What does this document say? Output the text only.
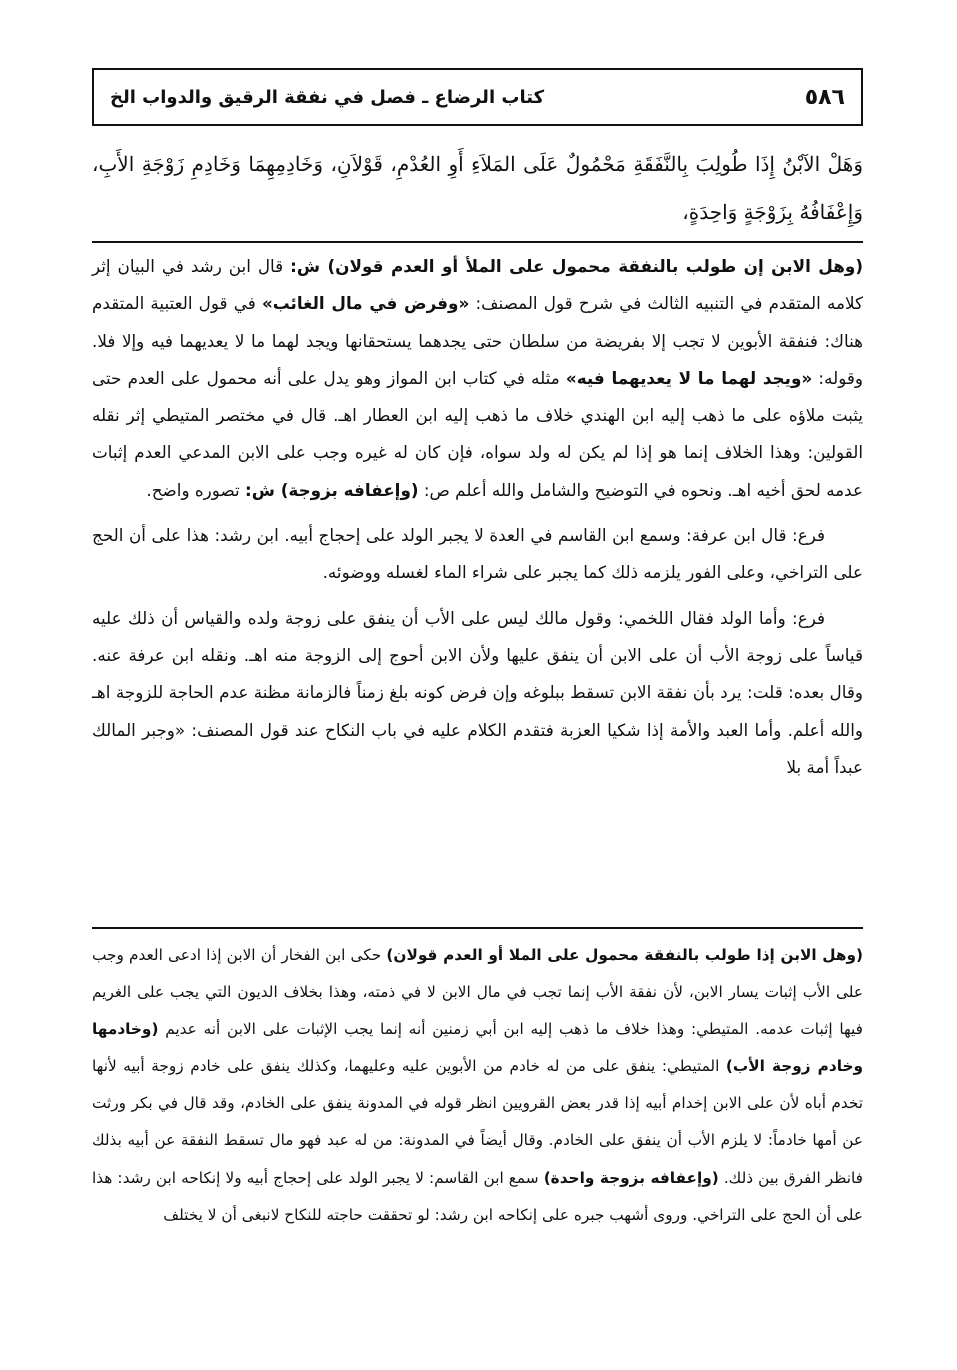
٥٨٦
كتاب الرضاع ـ فصل في نفقة الرقيق والدواب الخ
وَهَلْ الآبْنُ إِذَا طُولِبَ بِالنَّفَقَةِ مَحْمُولٌ عَلَى المَلاَءِ أَوِ العُدْمِ، قَوْلاَنِ، وَخَادِمِهِمَا وَخَادِمِ زَوْجَةِ الأَبِ، وَإِعْفَافُهُ بِزَوْجَةٍ وَاحِدَةٍ،

(وهل الابن إن طولب بالنفقة محمول على الملأ أو العدم قولان) ش: قال ابن رشد في البيان إثر كلامه المتقدم في التنبيه الثالث في شرح قول المصنف: «وفرض في مال الغائب» في قول العتبية المتقدم هناك: فنفقة الأبوين لا تجب إلا بفريضة من سلطان حتى يجدهما يستحقانها ويجد لهما ما لا يعديهما فيه وإلا فلا. وقوله: «ويجد لهما ما لا يعديهما فيه» مثله في كتاب ابن المواز وهو يدل على أنه محمول على العدم حتى يثبت ملاؤه على ما ذهب إليه ابن الهندي خلاف ما ذهب إليه ابن العطار اهـ. قال في مختصر المتيطي إثر نقله القولين: وهذا الخلاف إنما هو إذا لم يكن له ولد سواه، فإن كان له غيره وجب على الابن المدعي العدم إثبات عدمه لحق أخيه اهـ. ونحوه في التوضيح والشامل والله أعلم ص: (وإعفافه بزوجة) ش: تصوره واضح.

فرع: قال ابن عرفة: وسمع ابن القاسم في العدة لا يجبر الولد على إحجاج أبيه. ابن رشد: هذا على أن الحج على التراخي، وعلى الفور يلزمه ذلك كما يجبر على شراء الماء لغسله ووضوئه.

فرع: وأما الولد فقال اللخمي: وقول مالك ليس على الأب أن ينفق على زوجة ولده والقياس أن ذلك عليه قياساً على زوجة الأب أن على الابن أن ينفق عليها ولأن الابن أحوج إلى الزوجة منه اهـ. ونقله ابن عرفة عنه. وقال بعده: قلت: يرد بأن نفقة الابن تسقط ببلوغه وإن فرض كونه بلغ زمناً فالزمانة مظنة عدم الحاجة للزوجة اهـ والله أعلم. وأما العبد والأمة إذا شكيا العزبة فتقدم الكلام عليه في باب النكاح عند قول المصنف: «وجبر المالك عبداً أمة بلا

(وهل الابن إذا طولب بالنفقة محمول على الملا أو العدم قولان) حكى ابن الفخار أن الابن إذا ادعى العدم وجب على الأب إثبات يسار الابن، لأن نفقة الأب إنما تجب في مال الابن لا في ذمته، وهذا بخلاف الديون التي يجب على الغريم فيها إثبات عدمه. المتيطي: وهذا خلاف ما ذهب إليه ابن أبي زمنين أنه إنما يجب الإثبات على الابن أنه عديم (وخادمها وخادم زوجة الأب) المتيطي: ينفق على من له خادم من الأبوين عليه وعليهما، وكذلك ينفق على خادم زوجة أبيه لأنها تخدم أباه لأن على الابن إخدام أبيه إذا قدر بعض القرويين انظر قوله في المدونة ينفق على الخادم، وقد قال في بكر ورثت عن أمها خادماً: لا يلزم الأب أن ينفق على الخادم. وقال أيضاً في المدونة: من له عبد فهو مال تسقط النفقة عن أبيه بذلك فانظر الفرق بين ذلك. (وإعفافه بزوجة واحدة) سمع ابن القاسم: لا يجبر الولد على إحجاج أبيه ولا إنكاحه ابن رشد: هذا على أن الحج على التراخي. وروى أشهب جبره على إنكاحه ابن رشد: لو تحققت حاجته للنكاح لانبغى أن لا يختلف
